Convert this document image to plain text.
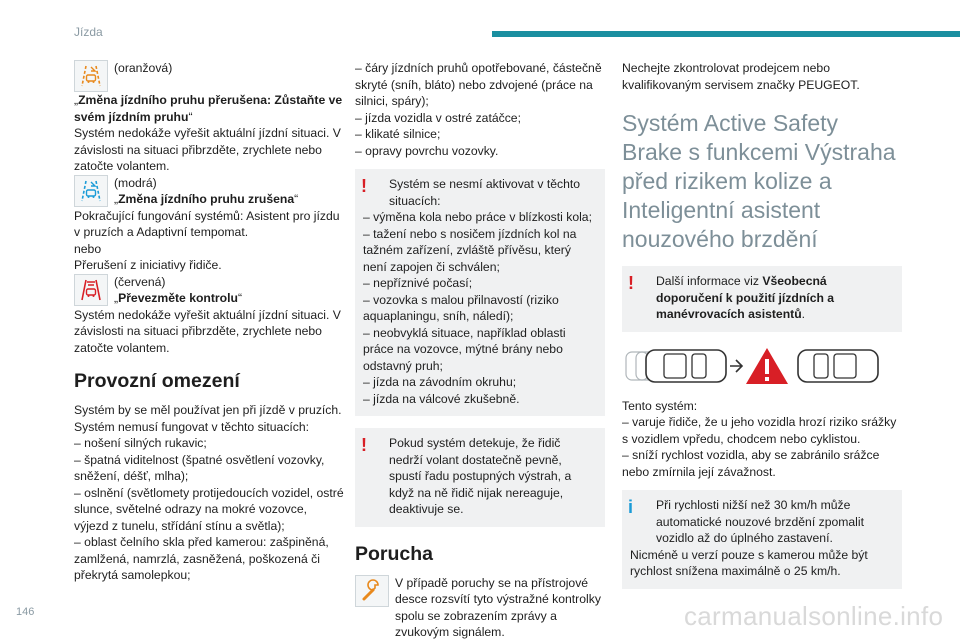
Jízda

(oranžová)

„Změna jízdního pruhu přerušena: Zůstaňte ve svém jízdním pruhu“

Systém nedokáže vyřešit aktuální jízdní situaci. V závislosti na situaci přibrzděte, zrychlete nebo zatočte volantem.

(modrá)

„Změna jízdního pruhu zrušena“

Pokračující fungování systémů: Asistent pro jízdu v pruzích a Adaptivní tempomat.

nebo

Přerušení z iniciativy řidiče.

(červená)

„Převezměte kontrolu“

Systém nedokáže vyřešit aktuální jízdní situaci. V závislosti na situaci přibrzděte, zrychlete nebo zatočte volantem.

Provozní omezení

Systém by se měl používat jen při jízdě v pruzích.

Systém nemusí fungovat v těchto situacích:

– nošení silných rukavic;

– špatná viditelnost (špatné osvětlení vozovky, sněžení, déšť, mlha);

– oslnění (světlomety protijedoucích vozidel, ostré slunce, světelné odrazy na mokré vozovce, výjezd z tunelu, střídání stínu a světla);

– oblast čelního skla před kamerou: zašpiněná, zamlžená, namrzlá, zasněžená, poškozená či překrytá samolepkou;

– čáry jízdních pruhů opotřebované, částečně skryté (sníh, bláto) nebo zdvojené (práce na silnici, spáry);

– jízda vozidla v ostré zatáčce;

– klikaté silnice;

– opravy povrchu vozovky.

!	Systém se nesmí aktivovat v těchto situacích:

– výměna kola nebo práce v blízkosti kola;

– tažení nebo s nosičem jízdních kol na tažném zařízení, zvláště přívěsu, který není zapojen či schválen;

– nepříznivé počasí;

– vozovka s malou přilnavostí (riziko aquaplaningu, sníh, náledí);

– neobvyklá situace, například oblasti práce na vozovce, mýtné brány nebo odstavný pruh;

– jízda na závodním okruhu;

– jízda na válcové zkušebně.

!	Pokud systém detekuje, že řidič nedrží volant dostatečně pevně, spustí řadu postupných výstrah, a když na ně řidič nijak nereaguje, deaktivuje se.

Porucha

V případě poruchy se na přístrojové desce rozsvítí tyto výstražné kontrolky spolu se zobrazením zprávy a zvukovým signálem.

Nechejte zkontrolovat prodejcem nebo kvalifikovaným servisem značky PEUGEOT.

Systém Active Safety Brake s funkcemi Výstraha před rizikem kolize a Inteligentní asistent nouzového brzdění
!	Další informace viz Všeobecná doporučení k použití jízdních a manévrovacích asistentů.

Tento systém:

– varuje řidiče, že u jeho vozidla hrozí riziko srážky s vozidlem vpředu, chodcem nebo cyklistou.

– sníží rychlost vozidla, aby se zabránilo srážce nebo zmírnila její závažnost.

i	Při rychlosti nižší než 30 km/h může automatické nouzové brzdění zpomalit vozidlo až do úplného zastavení.

Nicméně u verzí pouze s kamerou může být rychlost snížena maximálně o 25 km/h.

146	carmanualsonline.info
